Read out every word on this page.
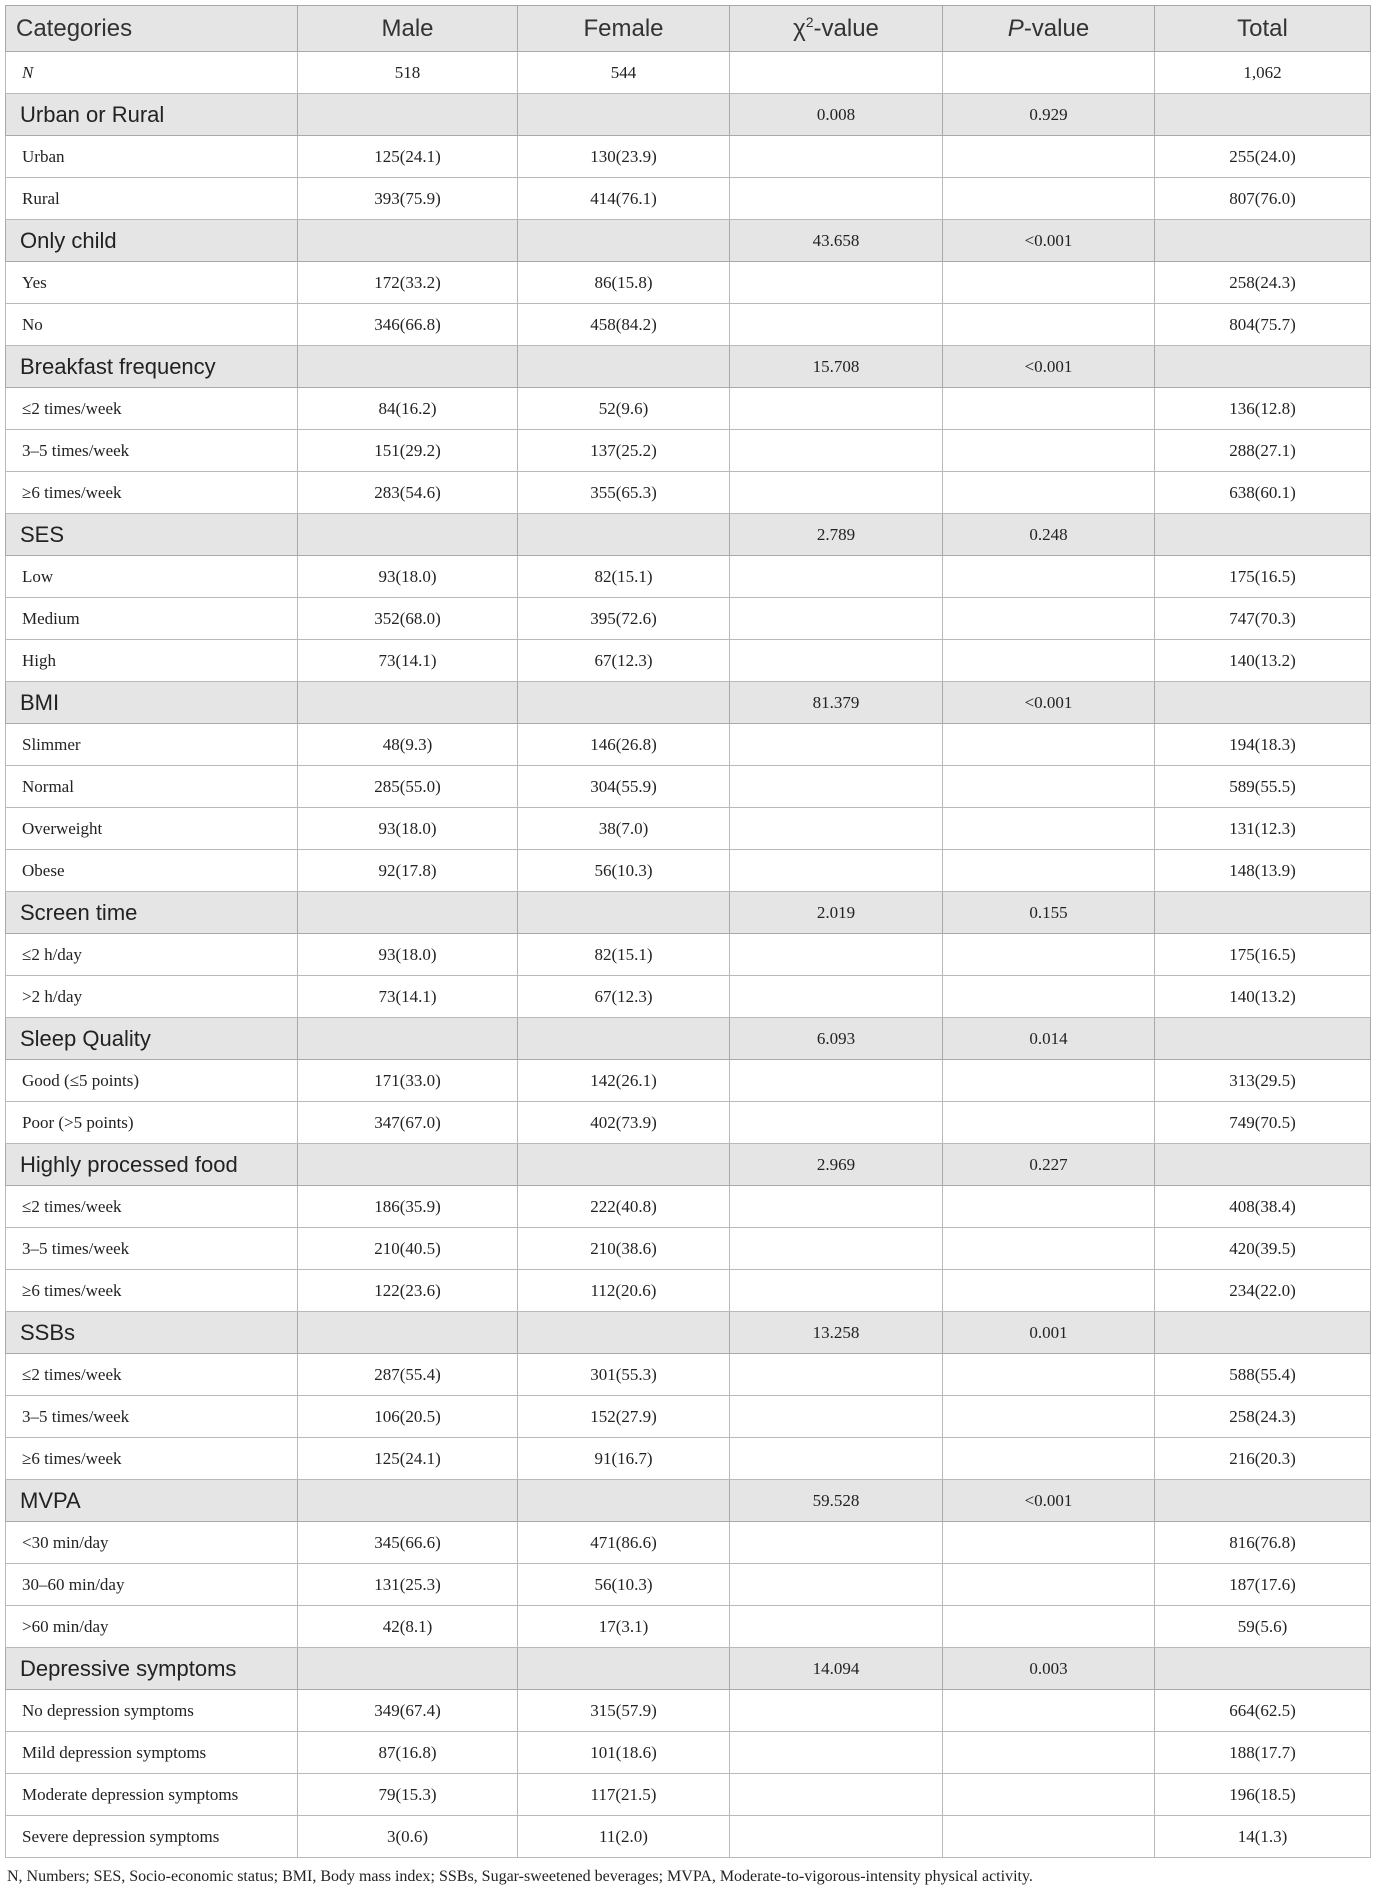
Categories	Male	Female	$\chi^2$-value	P-value	Total
N	518	544			1,062
Urban or Rural			0.008	0.929	
Urban	125(24.1)	130(23.9)			255(24.0)
Rural	393(75.9)	414(76.1)			807(76.0)
Only child			43.658	<0.001	
Yes	172(33.2)	86(15.8)			258(24.3)
No	346(66.8)	458(84.2)			804(75.7)
Breakfast frequency			15.708	<0.001	
≤2 times/week	84(16.2)	52(9.6)			136(12.8)
3–5 times/week	151(29.2)	137(25.2)			288(27.1)
≥6 times/week	283(54.6)	355(65.3)			638(60.1)
SES			2.789	0.248	
Low	93(18.0)	82(15.1)			175(16.5)
Medium	352(68.0)	395(72.6)			747(70.3)
High	73(14.1)	67(12.3)			140(13.2)
BMI			81.379	<0.001	
Slimmer	48(9.3)	146(26.8)			194(18.3)
Normal	285(55.0)	304(55.9)			589(55.5)
Overweight	93(18.0)	38(7.0)			131(12.3)
Obese	92(17.8)	56(10.3)			148(13.9)
Screen time			2.019	0.155	
≤2 h/day	93(18.0)	82(15.1)			175(16.5)
>2 h/day	73(14.1)	67(12.3)			140(13.2)
Sleep Quality			6.093	0.014	
Good (≤5 points)	171(33.0)	142(26.1)			313(29.5)
Poor (>5 points)	347(67.0)	402(73.9)			749(70.5)
Highly processed food			2.969	0.227	
≤2 times/week	186(35.9)	222(40.8)			408(38.4)
3–5 times/week	210(40.5)	210(38.6)			420(39.5)
≥6 times/week	122(23.6)	112(20.6)			234(22.0)
SSBs			13.258	0.001	
≤2 times/week	287(55.4)	301(55.3)			588(55.4)
3–5 times/week	106(20.5)	152(27.9)			258(24.3)
≥6 times/week	125(24.1)	91(16.7)			216(20.3)
MVPA			59.528	<0.001	
<30 min/day	345(66.6)	471(86.6)			816(76.8)
30–60 min/day	131(25.3)	56(10.3)			187(17.6)
>60 min/day	42(8.1)	17(3.1)			59(5.6)
Depressive symptoms			14.094	0.003	
No depression symptoms	349(67.4)	315(57.9)			664(62.5)
Mild depression symptoms	87(16.8)	101(18.6)			188(17.7)
Moderate depression symptoms	79(15.3)	117(21.5)			196(18.5)
Severe depression symptoms	3(0.6)	11(2.0)			14(1.3)
N, Numbers; SES, Socio-economic status; BMI, Body mass index; SSBs, Sugar-sweetened beverages; MVPA, Moderate-to-vigorous-intensity physical activity.
